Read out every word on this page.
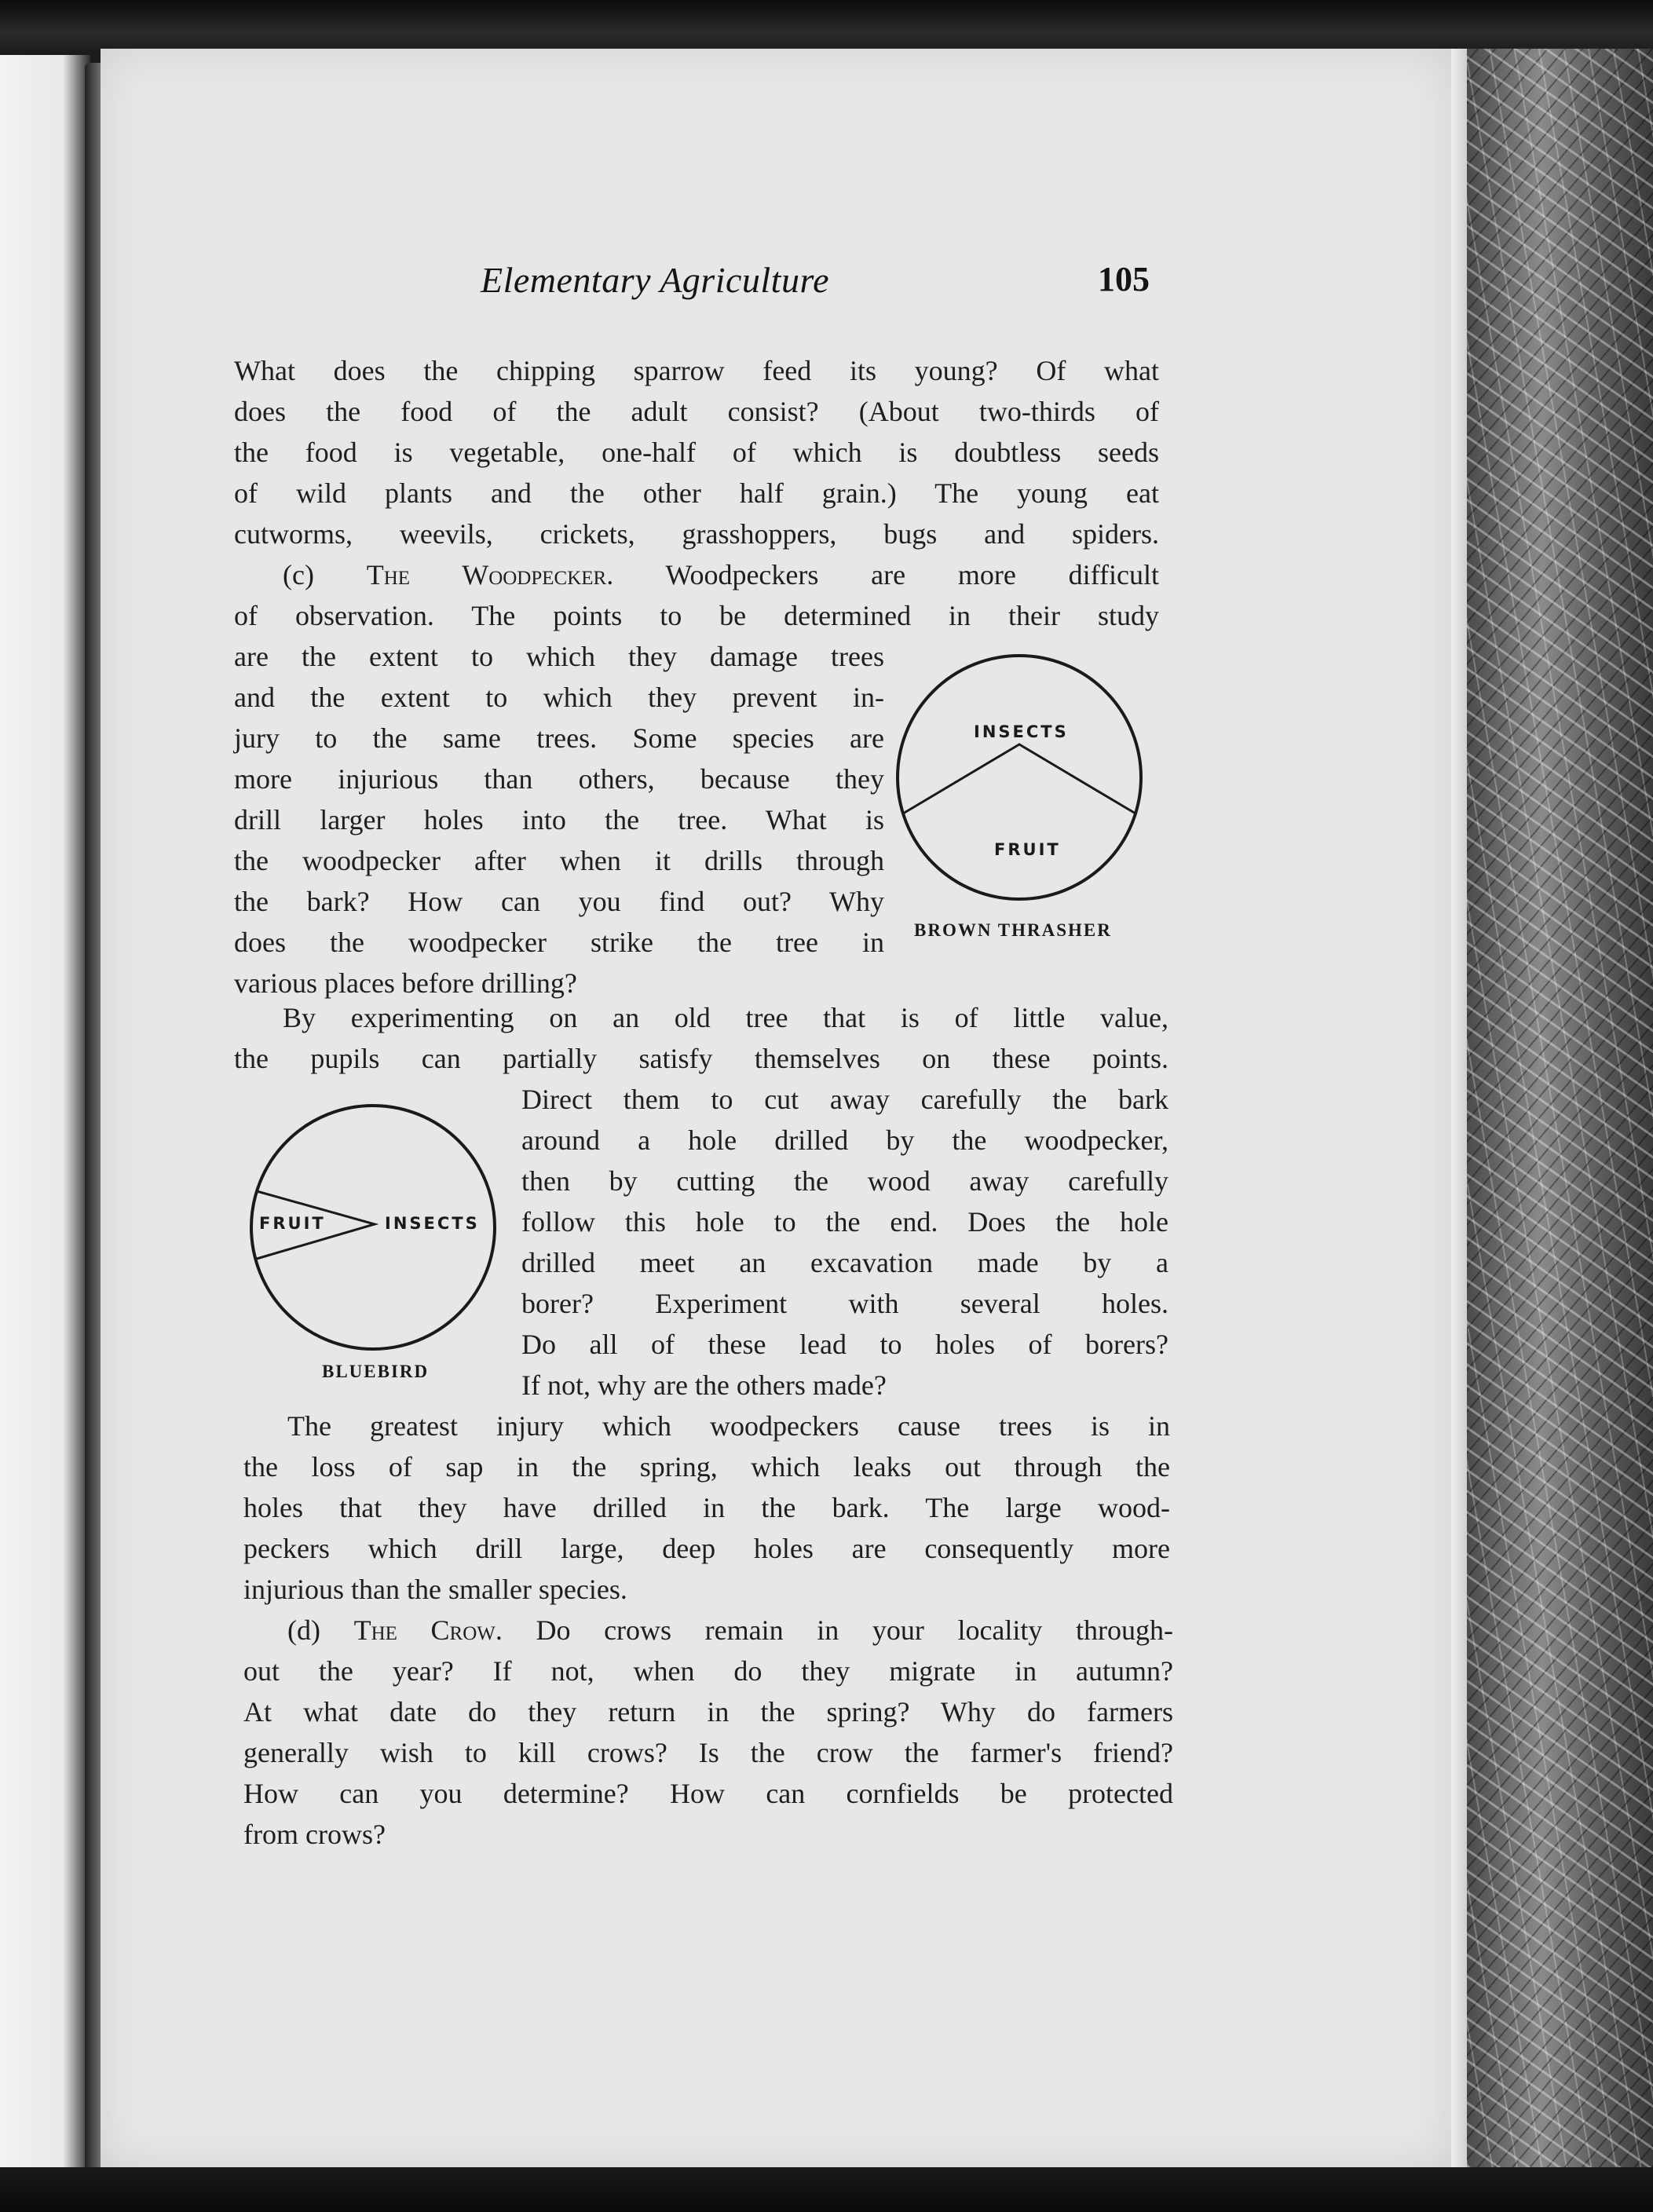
Elementary Agriculture	105
What does the chipping sparrow feed its young? Of what
does the food of the adult consist? (About two-thirds of
the food is vegetable, one-half of which is doubtless seeds
of wild plants and the other half grain.) The young eat
cutworms, weevils, crickets, grasshoppers, bugs and spiders.
(c) The Woodpecker. Woodpeckers are more difficult
of observation. The points to be determined in their study
are the extent to which they damage trees
and the extent to which they prevent in-
jury to the same trees. Some species are
more injurious than others, because they
drill larger holes into the tree. What is
the woodpecker after when it drills through
the bark? How can you find out? Why
does the woodpecker strike the tree in
various places before drilling?
INSECTS
FRUIT
BROWN THRASHER
By experimenting on an old tree that is of little value,
the pupils can partially satisfy themselves on these points.
Direct them to cut away carefully the bark
around a hole drilled by the woodpecker,
then by cutting the wood away carefully
follow this hole to the end. Does the hole
drilled meet an excavation made by a
borer? Experiment with several holes.
Do all of these lead to holes of borers?
If not, why are the others made?
FRUIT	INSECTS
BLUEBIRD
The greatest injury which woodpeckers cause trees is in
the loss of sap in the spring, which leaks out through the
holes that they have drilled in the bark. The large wood-
peckers which drill large, deep holes are consequently more
injurious than the smaller species.
(d) The Crow. Do crows remain in your locality through-
out the year? If not, when do they migrate in autumn?
At what date do they return in the spring? Why do farmers
generally wish to kill crows? Is the crow the farmer's friend?
How can you determine? How can cornfields be protected
from crows?
